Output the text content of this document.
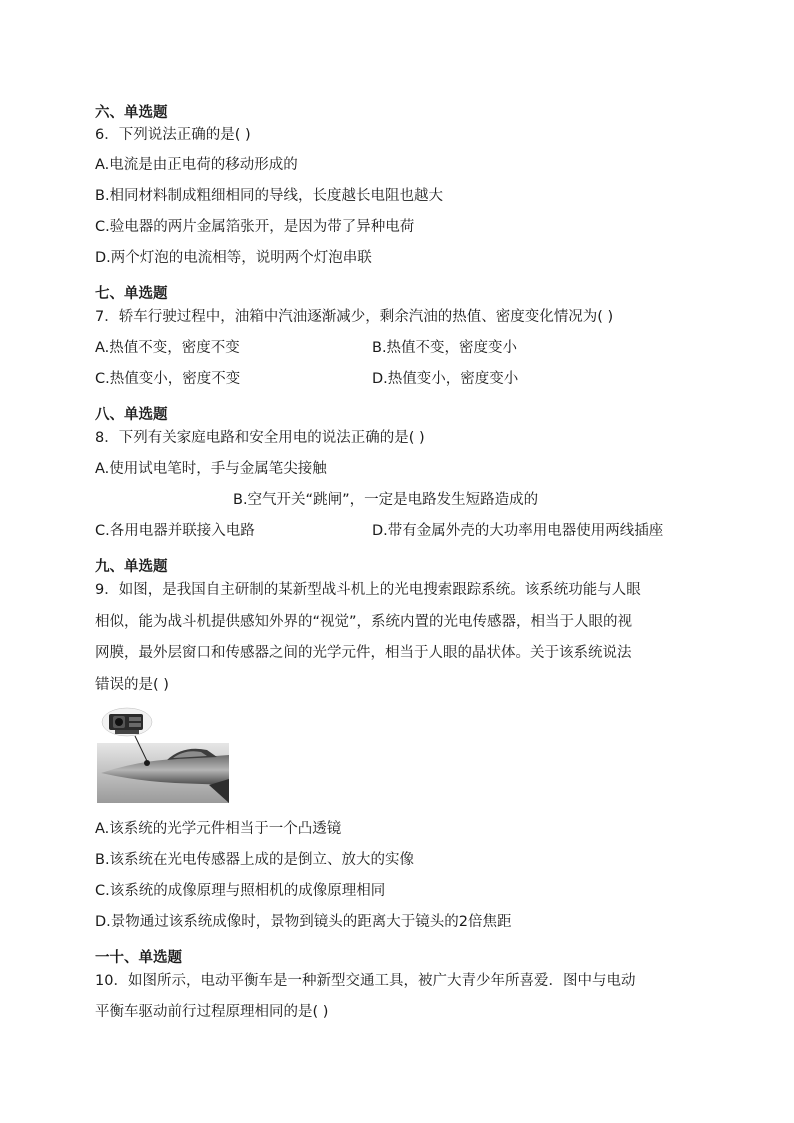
六、单选题
6．下列说法正确的是( )
A.电流是由正电荷的移动形成的
B.相同材料制成粗细相同的导线，长度越长电阻也越大
C.验电器的两片金属箔张开，是因为带了异种电荷
D.两个灯泡的电流相等，说明两个灯泡串联
七、单选题
7．轿车行驶过程中，油箱中汽油逐渐减少，剩余汽油的热值、密度变化情况为( )
A.热值不变，密度不变	B.热值不变，密度变小
C.热值变小，密度不变	D.热值变小，密度变小
八、单选题
8．下列有关家庭电路和安全用电的说法正确的是( )
A.使用试电笔时，手与金属笔尖接触
B.空气开关“跳闸”，一定是电路发生短路造成的
C.各用电器并联接入电路	D.带有金属外壳的大功率用电器使用两线插座
九、单选题
9．如图，是我国自主研制的某新型战斗机上的光电搜索跟踪系统。该系统功能与人眼
相似，能为战斗机提供感知外界的“视觉”，系统内置的光电传感器，相当于人眼的视
网膜，最外层窗口和传感器之间的光学元件，相当于人眼的晶状体。关于该系统说法
错误的是( )
A.该系统的光学元件相当于一个凸透镜
B.该系统在光电传感器上成的是倒立、放大的实像
C.该系统的成像原理与照相机的成像原理相同
D.景物通过该系统成像时，景物到镜头的距离大于镜头的2倍焦距
一十、单选题
10．如图所示，电动平衡车是一种新型交通工具，被广大青少年所喜爱．图中与电动
平衡车驱动前行过程原理相同的是( )
